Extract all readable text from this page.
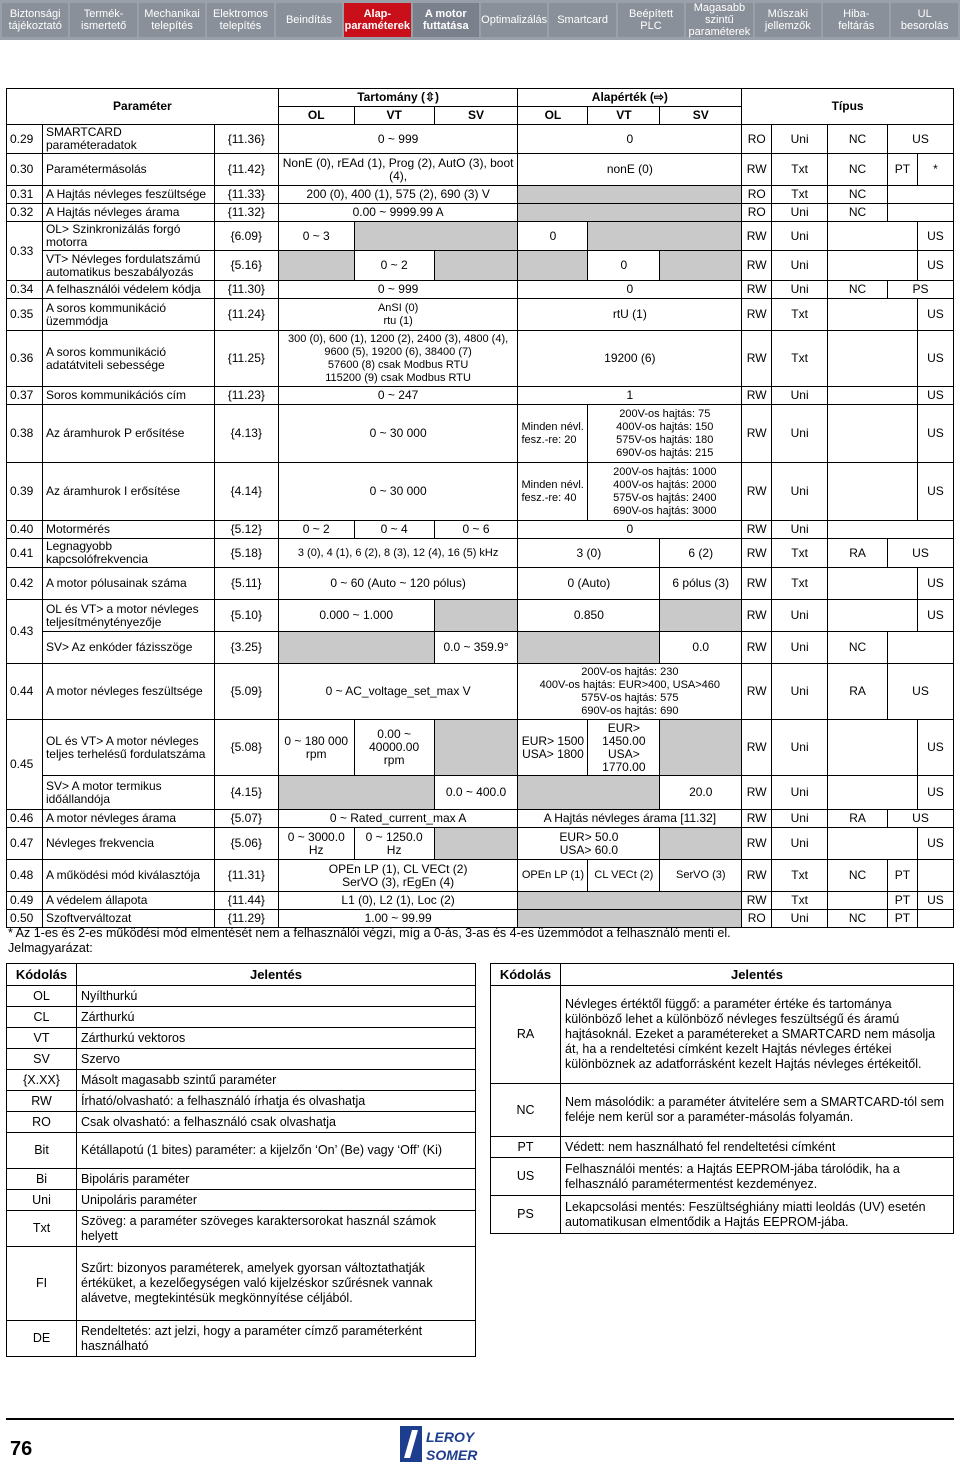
Biztonsági
tájékoztató
Termék-
ismertető
Mechanikai
telepítés
Elektromos
telepítés	Beindítás	Alap-
paraméterek
A motor
futtatása	Optimalizálás Smartcard	Beépített
PLC
Magasabb szintű
paraméterek
Műszaki
jellemzők
Hiba-
feltárás
UL
besorolás
Paraméter			Tartomány (⇳)			Alapérték (⇨)			Típus				
			OL	VT	SV	OL	VT	SV					
0.29	SMARTCARD paraméteradatok	{11.36}	0 ~ 999			0			RO	Uni	NC	US	
0.30	Paramétermásolás	{11.42}	NonE (0), rEAd (1), Prog (2), AutO (3), boot (4),			nonE (0)			RW	Txt	NC	PT	*
0.31	A Hajtás névleges feszültsége	{11.33}	200 (0), 400 (1), 575 (2), 690 (3) V						RO	Txt	NC		
0.32	A Hajtás névleges árama	{11.32}	0.00 ~ 9999.99 A						RO	Uni	NC		
0.33	OL> Szinkronizálás forgó motorra	{6.09}	0 ~ 3			0			RW	Uni			US
	VT> Névleges fordulatszámú automatikus beszabályozás	{5.16}		0 ~ 2			0		RW	Uni			US
0.34	A felhasználói védelem kódja	{11.30}	0 ~ 999			0			RW	Uni	NC	PS	
0.35	A soros kommunikáció üzemmódja	{11.24}	AnSI (0)
rtu (1)			rtU (1)			RW	Txt			US
0.36	A soros kommunikáció adatátviteli sebessége	{11.25}	300 (0), 600 (1), 1200 (2), 2400 (3), 4800 (4), 9600 (5), 19200 (6), 38400 (7)
57600 (8) csak Modbus RTU
115200 (9) csak Modbus RTU			19200 (6)			RW	Txt			US
0.37	Soros kommunikációs cím	{11.23}	0 ~ 247			1			RW	Uni			US
0.38	Az áramhurok P erősítése	{4.13}	0 ~ 30 000			Minden névl. fesz.-re: 20	200V-os hajtás: 75
400V-os hajtás: 150
575V-os hajtás: 180
690V-os hajtás: 215		RW	Uni			US
0.39	Az áramhurok I erősítése	{4.14}	0 ~ 30 000			Minden névl. fesz.-re: 40	200V-os hajtás: 1000
400V-os hajtás: 2000
575V-os hajtás: 2400
690V-os hajtás: 3000		RW	Uni			US
0.40	Motormérés	{5.12}	0 ~ 2	0 ~ 4	0 ~ 6	0			RW	Uni			
0.41	Legnagyobb kapcsolófrekvencia	{5.18}	3 (0), 4 (1), 6 (2), 8 (3), 12 (4), 16 (5) kHz			3 (0)		6 (2)	RW	Txt	RA	US	
0.42	A motor pólusainak száma	{5.11}	0 ~ 60 (Auto ~ 120 pólus)			0 (Auto)		6 pólus (3)	RW	Txt			US
0.43	OL és VT> a motor névleges teljesítménytényezője	{5.10}	0.000 ~ 1.000			0.850			RW	Uni			US
	SV> Az enkóder fázisszöge	{3.25}			0.0 ~ 359.9°			0.0	RW	Uni	NC		
0.44	A motor névleges feszültsége	{5.09}	0 ~ AC_voltage_set_max V			200V-os hajtás: 230
400V-os hajtás: EUR>400, USA>460
575V-os hajtás: 575
690V-os hajtás: 690			RW	Uni	RA	US	
0.45	OL és VT> A motor névleges teljes terhelésű fordulatszáma	{5.08}	0 ~ 180 000 rpm	0.00 ~ 40000.00 rpm		EUR> 1500 USA> 1800	EUR> 1450.00 USA> 1770.00		RW	Uni			US
	SV> A motor termikus időállandója	{4.15}			0.0 ~ 400.0			20.0	RW	Uni			US
0.46	A motor névleges árama	{5.07}	0 ~ Rated_current_max A			A Hajtás névleges árama [11.32]			RW	Uni	RA	US	
0.47	Névleges frekvencia	{5.06}	0 ~ 3000.0 Hz	0 ~ 1250.0 Hz		EUR> 50.0
USA> 60.0			RW	Uni			US
0.48	A működési mód kiválasztója	{11.31}	OPEn LP (1), CL VECt (2)
SerVO (3), rEgEn (4)			OPEn LP (1)	CL VECt (2)	SerVO (3)	RW	Txt	NC	PT	
0.49	A védelem állapota	{11.44}	L1 (0), L2 (1), Loc (2)						RW	Txt		PT	US
0.50	Szoftverváltozat	{11.29}	1.00 ~ 99.99						RO	Uni	NC	PT	
* Az 1-es és 2-es működési mód elmentését nem a felhasználói végzi, míg a 0-ás, 3-as és 4-es üzemmódot a felhasználó menti el.
Jelmagyarázat:
Kódolás	Jelentés
OL	Nyílthurkú
CL	Zárthurkú
VT	Zárthurkú vektoros
SV	Szervo
{X.XX}	Másolt magasabb szintű paraméter
RW	Írható/olvasható: a felhasználó írhatja és olvashatja
RO	Csak olvasható: a felhasználó csak olvashatja
Bit	Kétállapotú (1 bites) paraméter: a kijelzőn ‘On’ (Be) vagy ‘Off’ (Ki)
Bi	Bipoláris paraméter
Uni	Unipoláris paraméter
Txt	Szöveg: a paraméter szöveges karaktersorokat használ számok helyett
FI	Szűrt: bizonyos paraméterek, amelyek gyorsan változtathatják értéküket, a kezelőegységen való kijelzéskor szűrésnek vannak alávetve, megtekintésük megkönnyítése céljából.
DE	Rendeltetés: azt jelzi, hogy a paraméter címző paraméterként használható
Kódolás	Jelentés
RA	Névleges értéktől függő: a paraméter értéke és tartománya különböző lehet a különböző névleges feszültségű és áramú hajtásoknál. Ezeket a paramétereket a SMARTCARD nem másolja át, ha a rendeltetési címként kezelt Hajtás névleges értékei különböznek az adatforrásként kezelt Hajtás névleges értékeitől.
NC	Nem másolódik: a paraméter átvitelére sem a SMARTCARD-tól sem feléje nem kerül sor a paraméter-másolás folyamán.
PT	Védett: nem használható fel rendeltetési címként
US	Felhasználói mentés: a Hajtás EEPROM-jába tárolódik, ha a felhasználó paramétermentést kezdeményez.
PS	Lekapcsolási mentés: Feszültséghiány miatti leoldás (UV) esetén automatikusan elmentődik a Hajtás EEPROM-jába.
76
LEROY
SOMER
